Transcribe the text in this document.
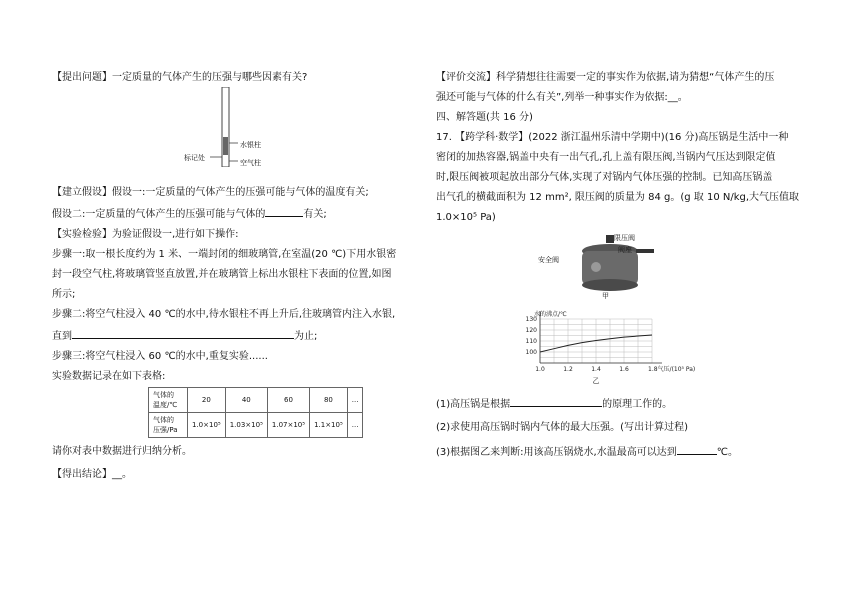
【提出问题】一定质量的气体产生的压强与哪些因素有关?
标记处
水银柱
空气柱
【建立假设】假设一:一定质量的气体产生的压强可能与气体的温度有关;
假设二:一定质量的气体产生的压强可能与气体的	有关;
【实验检验】为验证假设一,进行如下操作:
步骤一:取一根长度约为 1 米、一端封闭的细玻璃管,在室温(20 ℃)下用水银密
封一段空气柱,将玻璃管竖直放置,并在玻璃管上标出水银柱下表面的位置,如图
所示;
步骤二:将空气柱浸入 40 ℃的水中,待水银柱不再上升后,往玻璃管内注入水银,
直到	为止;
步骤三:将空气柱浸入 60 ℃的水中,重复实验......
实验数据记录在如下表格:
气体的
温度/℃	20	40	60	80	...
气体的
压强/Pa	1.0×10⁵	1.03×10⁵	1.07×10⁵	1.1×10⁵	...
请你对表中数据进行归纳分析。
【得出结论】__。
【评价交流】科学猜想往往需要一定的事实作为依据,请为猜想“气体产生的压
强还可能与气体的什么有关”,列举一种事实作为依据:__。
四、解答题(共 16 分)
17. 【跨学科·数学】(2022 浙江温州乐清中学期中)(16 分)高压锅是生活中一种
密闭的加热容器,锅盖中央有一出气孔,孔上盖有限压阀,当锅内气压达到限定值
时,限压阀被项起放出部分气体,实现了对锅内气体压强的控制。已知高压锅盖
出气孔的横截面积为 12 mm², 限压阀的质量为 84 g。(g 取 10 N/kg,大气压值取
1.0×10⁵ Pa)
限压阀
阀座
安全阀
甲
100
110
120
130
1.0	1.2	1.4	1.6	1.8气压/(10⁵ Pa)
水的沸点/℃
乙
(1)高压锅是根据	的原理工作的。
(2)求使用高压锅时锅内气体的最大压强。(写出计算过程)
(3)根据图乙来判断:用该高压锅烧水,水温最高可以达到	℃。
